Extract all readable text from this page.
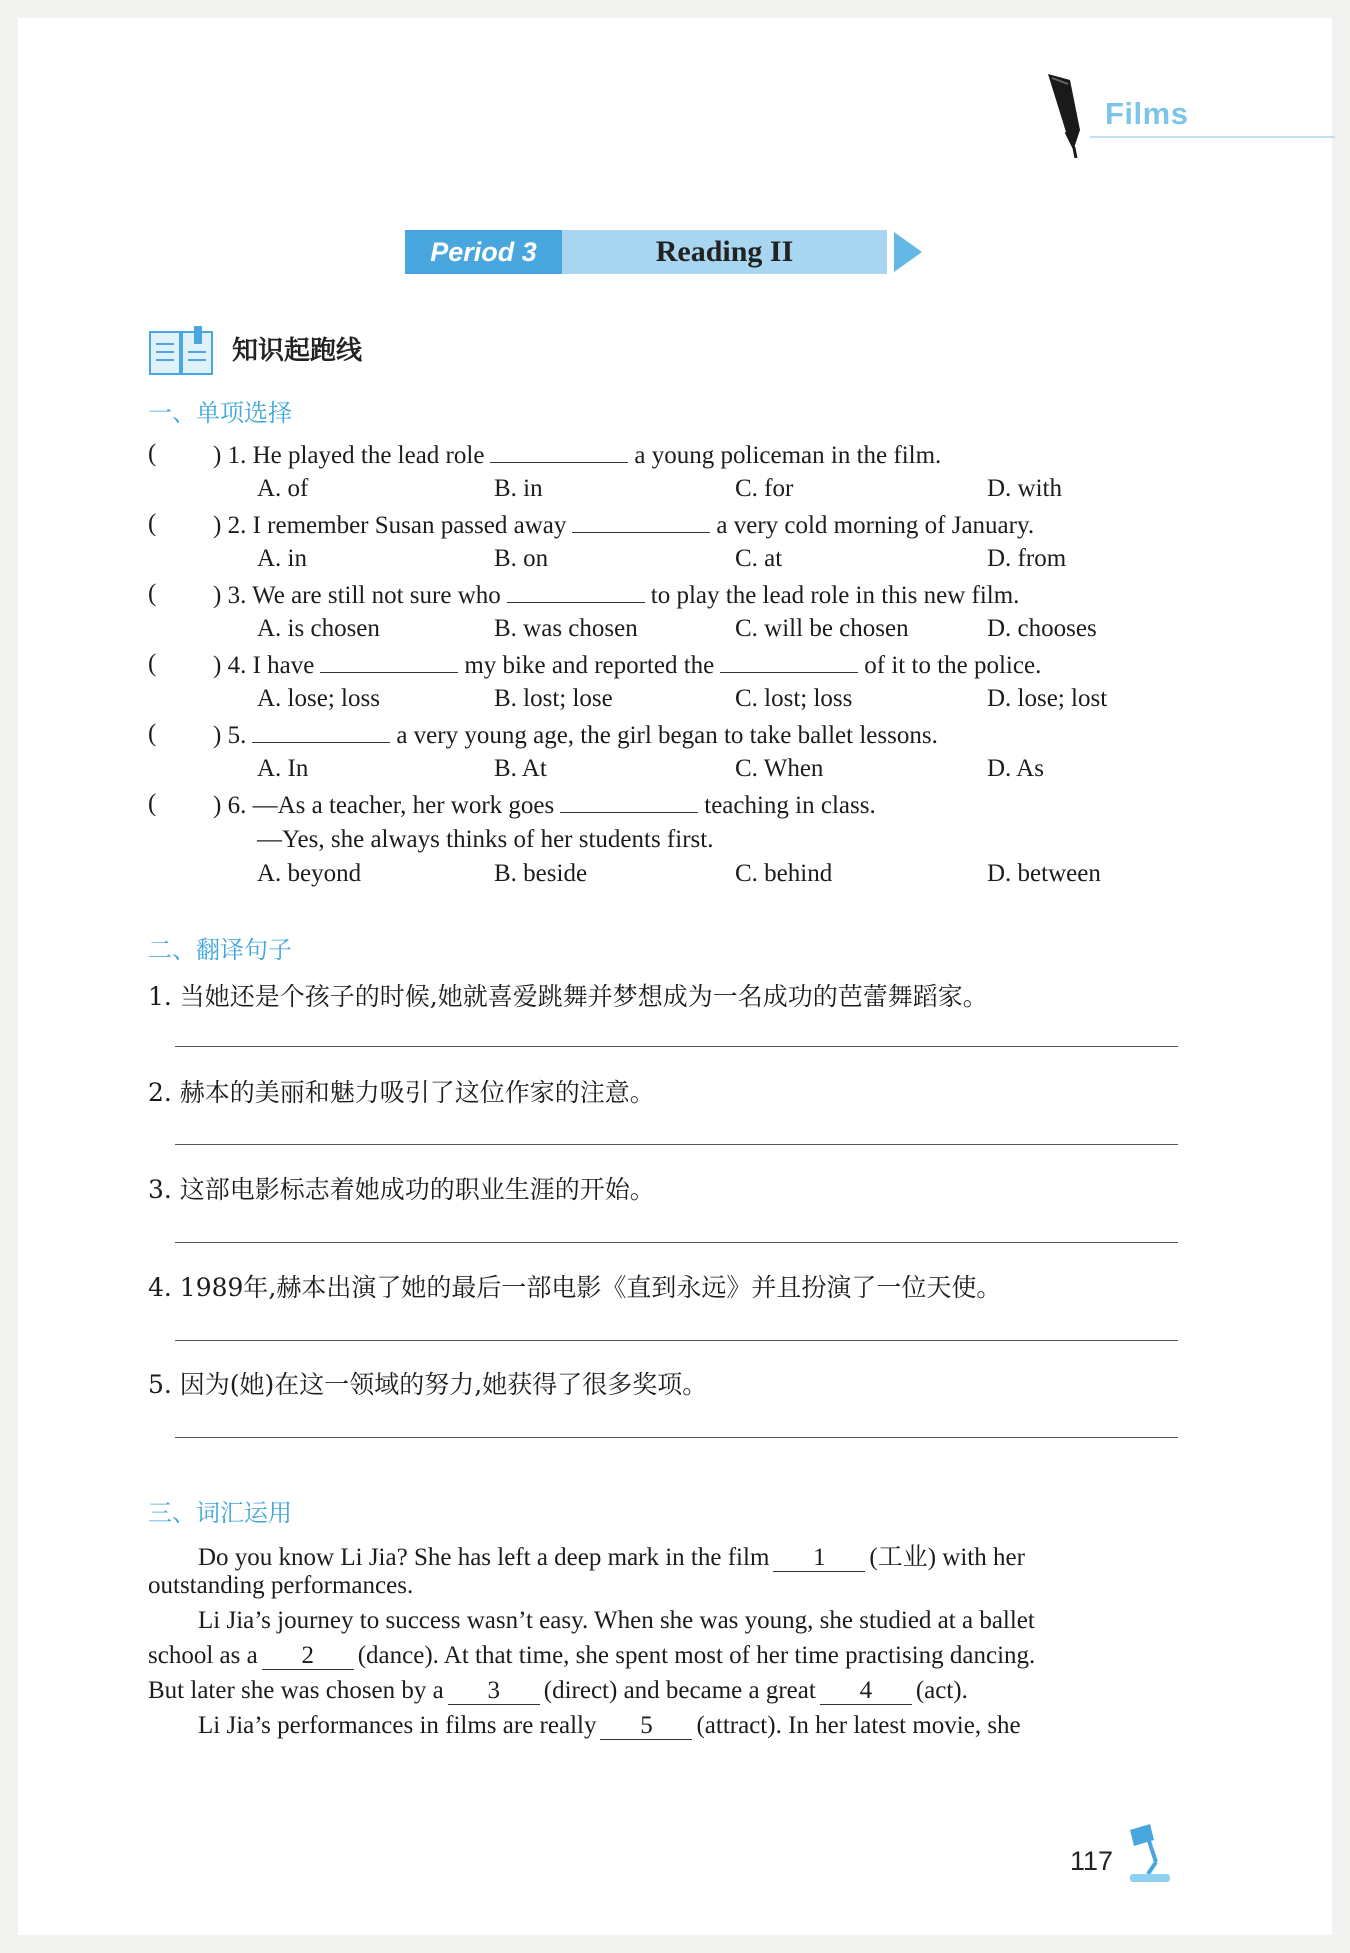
Films
Period 3	Reading II
知识起跑线
一、单项选择
( ) 1. He played the lead role	a young policeman in the film.
A. of	B. in	C. for	D. with
( ) 2. I remember Susan passed away	a very cold morning of January.
A. in	B. on	C. at	D. from
( ) 3. We are still not sure who	to play the lead role in this new film.
A. is chosen	B. was chosen	C. will be chosen	D. chooses
( ) 4. I have	my bike and reported the	of it to the police.
A. lose; loss	B. lost; lose	C. lost; loss	D. lose; lost
( ) 5.	a very young age, the girl began to take ballet lessons.
A. In	B. At	C. When	D. As
( ) 6. —As a teacher, her work goes	teaching in class.
—Yes, she always thinks of her students first.
A. beyond	B. beside	C. behind	D. between
二、翻译句子
1. 当她还是个孩子的时候,她就喜爱跳舞并梦想成为一名成功的芭蕾舞蹈家。
2. 赫本的美丽和魅力吸引了这位作家的注意。
3. 这部电影标志着她成功的职业生涯的开始。
4. 1989年,赫本出演了她的最后一部电影《直到永远》并且扮演了一位天使。
5. 因为(她)在这一领域的努力,她获得了很多奖项。
三、词汇运用
Do you know Li Jia? She has left a deep mark in the film 1 (工业) with her
outstanding performances.
Li Jia’s journey to success wasn’t easy. When she was young, she studied at a ballet
school as a 2 (dance). At that time, she spent most of her time practising dancing.
But later she was chosen by a 3 (direct) and became a great 4 (act).
Li Jia’s performances in films are really 5 (attract). In her latest movie, she
117
